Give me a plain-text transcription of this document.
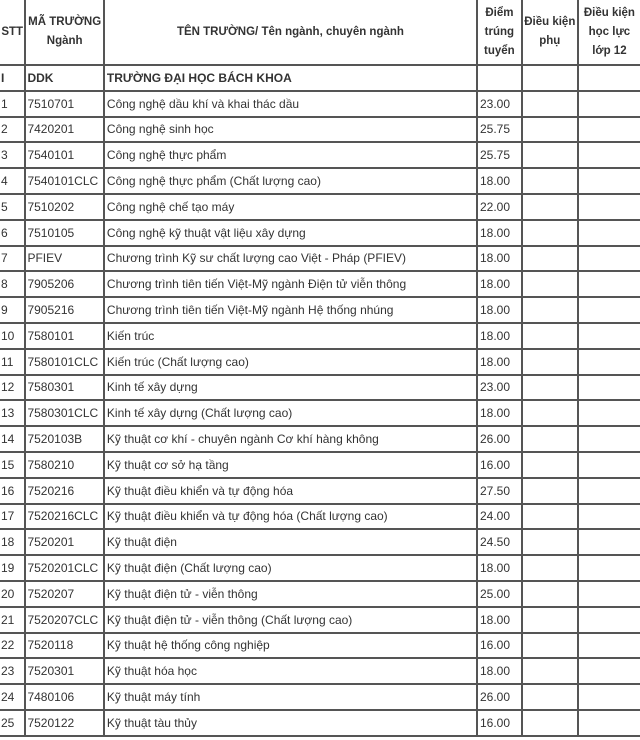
STT	MÃ TRƯỜNG Ngành	TÊN TRƯỜNG/ Tên ngành, chuyên ngành	Điểm trúng tuyển	Điều kiện phụ	Điều kiện học lực lớp 12
I	DDK	TRƯỜNG ĐẠI HỌC BÁCH KHOA			
1	7510701	Công nghệ dầu khí và khai thác dầu	23.00		
2	7420201	Công nghệ sinh học	25.75		
3	7540101	Công nghệ thực phẩm	25.75		
4	7540101CLC	Công nghệ thực phẩm (Chất lượng cao)	18.00		
5	7510202	Công nghệ chế tạo máy	22.00		
6	7510105	Công nghệ kỹ thuật vật liệu xây dựng	18.00		
7	PFIEV	Chương trình Kỹ sư chất lượng cao Việt - Pháp (PFIEV)	18.00		
8	7905206	Chương trình tiên tiến Việt-Mỹ ngành Điện tử viễn thông	18.00		
9	7905216	Chương trình tiên tiến Việt-Mỹ ngành Hệ thống nhúng	18.00		
10	7580101	Kiến trúc	18.00		
11	7580101CLC	Kiến trúc (Chất lượng cao)	18.00		
12	7580301	Kinh tế xây dựng	23.00		
13	7580301CLC	Kinh tế xây dựng (Chất lượng cao)	18.00		
14	7520103B	Kỹ thuật cơ khí - chuyên ngành Cơ khí hàng không	26.00		
15	7580210	Kỹ thuật cơ sở hạ tầng	16.00		
16	7520216	Kỹ thuật điều khiển và tự động hóa	27.50		
17	7520216CLC	Kỹ thuật điều khiển và tự động hóa (Chất lượng cao)	24.00		
18	7520201	Kỹ thuật điện	24.50		
19	7520201CLC	Kỹ thuật điện (Chất lượng cao)	18.00		
20	7520207	Kỹ thuật điện tử - viễn thông	25.00		
21	7520207CLC	Kỹ thuật điện tử - viễn thông (Chất lượng cao)	18.00		
22	7520118	Kỹ thuật hệ thống công nghiệp	16.00		
23	7520301	Kỹ thuật hóa học	18.00		
24	7480106	Kỹ thuật máy tính	26.00		
25	7520122	Kỹ thuật tàu thủy	16.00		
